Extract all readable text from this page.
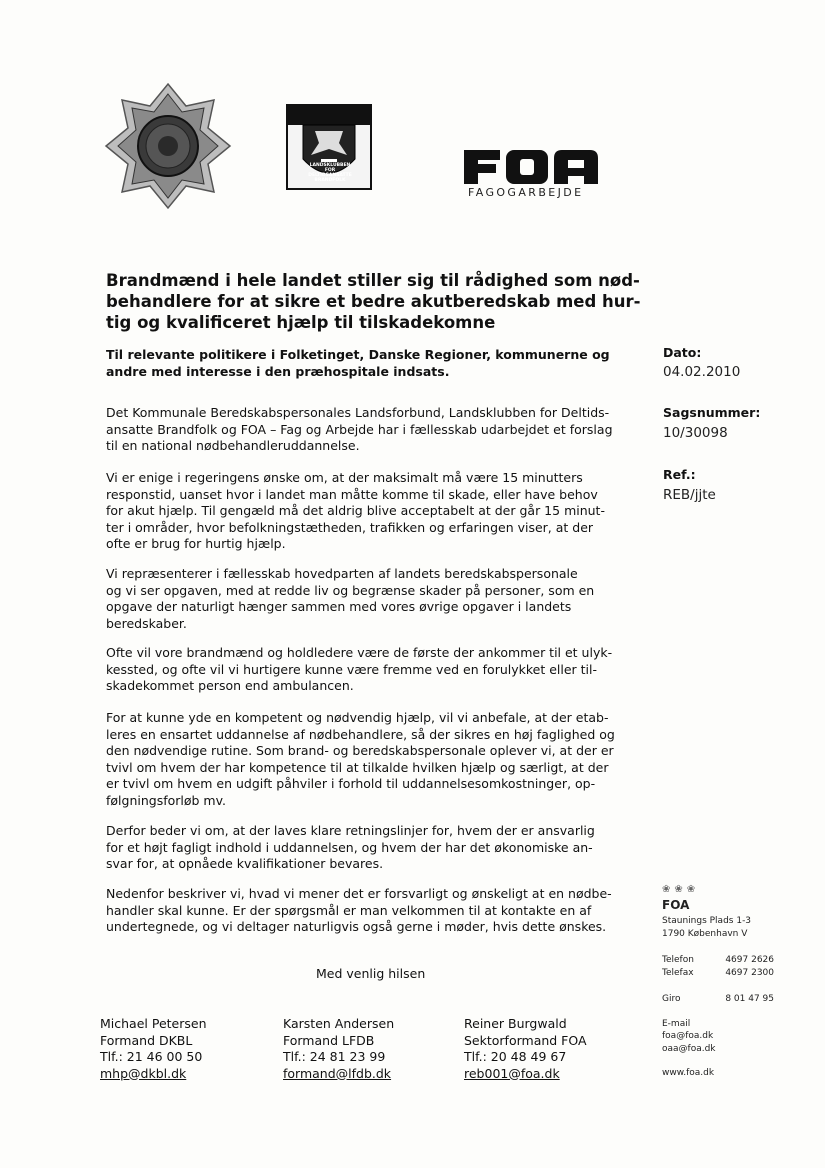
LANDSKLUBBEN FOR
DELTIDSANSATTE
BRANDFOLK
FAGOGARBEJDE
Brandmænd i hele landet stiller sig til rådighed som nød-
behandlere for at sikre et bedre akutberedskab med hur-
tig og kvalificeret hjælp til tilskadekomne

Til relevante politikere i Folketinget, Danske Regioner, kommunerne og
andre med interesse i den præhospitale indsats.

Dato:
04.02.2010
Sagsnummer:
10/30098
Ref.:
REB/jjte

Det Kommunale Beredskabspersonales Landsforbund, Landsklubben for Deltids-
ansatte Brandfolk og FOA – Fag og Arbejde har i fællesskab udarbejdet et forslag
til en national nødbehandleruddannelse.

Vi er enige i regeringens ønske om, at der maksimalt må være 15 minutters
responstid, uanset hvor i landet man måtte komme til skade, eller have behov
for akut hjælp. Til gengæld må det aldrig blive acceptabelt at der går 15 minut-
ter i områder, hvor befolkningstætheden, trafikken og erfaringen viser, at der
ofte er brug for hurtig hjælp.

Vi repræsenterer i fællesskab hovedparten af landets beredskabspersonale
og vi ser opgaven, med at redde liv og begrænse skader på personer, som en
opgave der naturligt hænger sammen med vores øvrige opgaver i landets
beredskaber.

Ofte vil vore brandmænd og holdledere være de første der ankommer til et ulyk-
kessted, og ofte vil vi hurtigere kunne være fremme ved en forulykket eller til-
skadekommet person end ambulancen.

For at kunne yde en kompetent og nødvendig hjælp, vil vi anbefale, at der etab-
leres en ensartet uddannelse af nødbehandlere, så der sikres en høj faglighed og
den nødvendige rutine. Som brand- og beredskabspersonale oplever vi, at der er
tvivl om hvem der har kompetence til at tilkalde hvilken hjælp og særligt, at der
er tvivl om hvem en udgift påhviler i forhold til uddannelsesomkostninger, op-
følgningsforløb mv.

Derfor beder vi om, at der laves klare retningslinjer for, hvem der er ansvarlig
for et højt fagligt indhold i uddannelsen, og hvem der har det økonomiske an-
svar for, at opnåede kvalifikationer bevares.

Nedenfor beskriver vi, hvad vi mener det er forsvarligt og ønskeligt at en nødbe-
handler skal kunne. Er der spørgsmål er man velkommen til at kontakte en af
undertegnede, og vi deltager naturligvis også gerne i møder, hvis dette ønskes.

Med venlig hilsen
Michael Petersen
Formand DKBL
Tlf.: 21 46 00 50
mhp@dkbl.dk
Karsten Andersen
Formand LFDB
Tlf.: 24 81 23 99
formand@lfdb.dk
Reiner Burgwald
Sektorformand FOA
Tlf.: 20 48 49 67
reb001@foa.dk
❀❀❀
FOA
Staunings Plads 1-3
1790 København V
Telefon	4697 2626
Telefax	4697 2300
Giro	8 01 47 95
E-mail
foa@foa.dk
oaa@foa.dk
www.foa.dk
